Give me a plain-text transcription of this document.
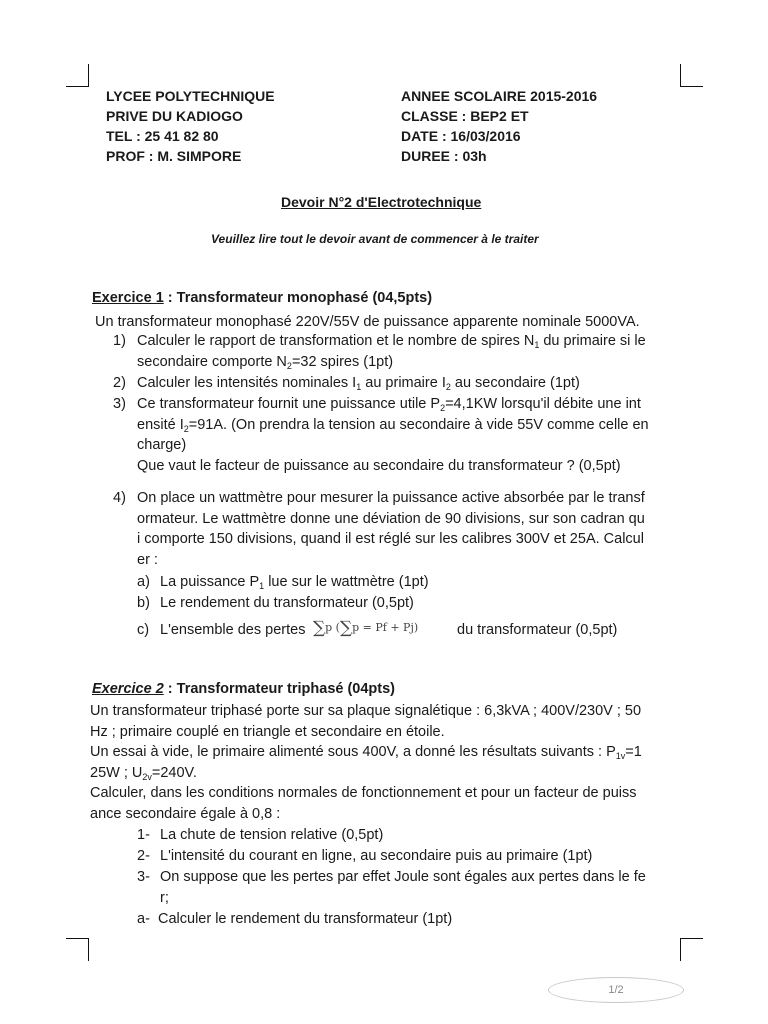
LYCEE POLYTECHNIQUE
PRIVE DU KADIOGO
TEL : 25 41 82 80
PROF : M. SIMPORE
ANNEE SCOLAIRE 2015-2016
CLASSE : BEP2 ET
DATE : 16/03/2016
DUREE : 03h
Devoir N°2 d'Electrotechnique
Veuillez lire tout le devoir avant de commencer à le traiter
Exercice 1 : Transformateur monophasé (04,5pts)
Un transformateur monophasé 220V/55V de puissance apparente nominale 5000VA.
1) Calculer le rapport de transformation et le nombre de spires $N_1$ du primaire si le
secondaire comporte $N_2=32$ spires (1pt)
2) Calculer les intensités nominales $I_1$ au primaire $I_2$ au secondaire (1pt)
3) Ce transformateur fournit une puissance utile $P_2=4,1KW$ lorsqu'il débite une int
ensité $I_2=91A$. (On prendra la tension au secondaire à vide 55V comme celle en
charge)
Que vaut le facteur de puissance au secondaire du transformateur ? (0,5pt)
4) On place un wattmètre pour mesurer la puissance active absorbée par le transf
ormateur. Le wattmètre donne une déviation de 90 divisions, sur son cadran qu
i comporte 150 divisions, quand il est réglé sur les calibres 300V et 25A. Calcul
er :
a) La puissance $P_1$ lue sur le wattmètre (1pt)
b) Le rendement du transformateur (0,5pt)
c) L'ensemble des pertes ∑p (∑p = Pf + Pj)	du transformateur (0,5pt)
Exercice 2 : Transformateur triphasé (04pts)
Un transformateur triphasé porte sur sa plaque signalétique : 6,3kVA ; 400V/230V ; 50
Hz ; primaire couplé en triangle et secondaire en étoile.
Un essai à vide, le primaire alimenté sous 400V, a donné les résultats suivants : $P_{1v}=1$
25W ; $U_{2v}=240V$.
Calculer, dans les conditions normales de fonctionnement et pour un facteur de puiss
ance secondaire égale à 0,8 :
1- La chute de tension relative (0,5pt)
2- L'intensité du courant en ligne, au secondaire puis au primaire (1pt)
3- On suppose que les pertes par effet Joule sont égales aux pertes dans le fe
r;
a- Calculer le rendement du transformateur (1pt)
1/2
